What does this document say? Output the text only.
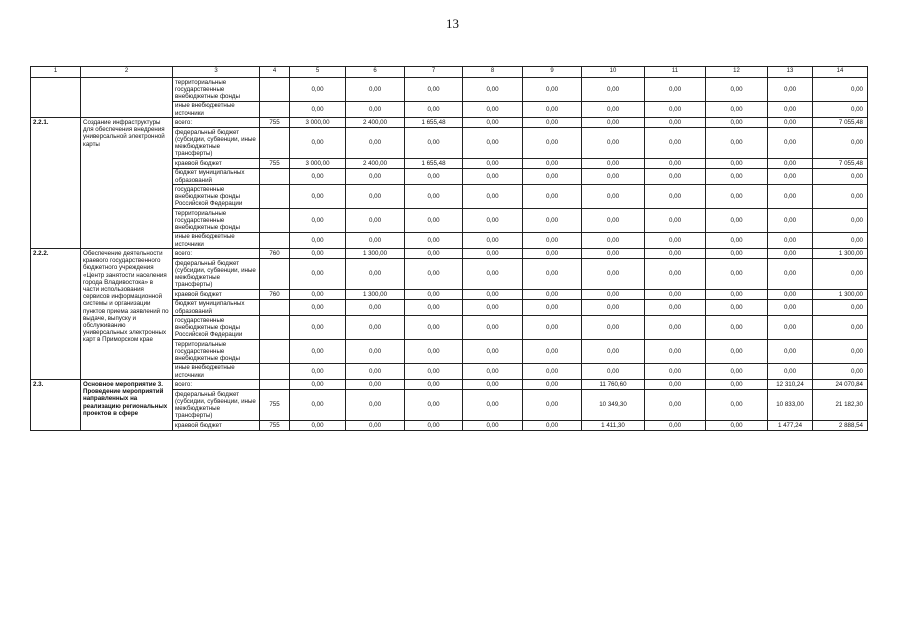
13
1	2	3	4	5	6	7	8	9	10	11	12	13	14
		территориальные государственные внебюджетные фонды		0,00	0,00	0,00	0,00	0,00	0,00	0,00	0,00	0,00	0,00
		иные внебюджетные источники		0,00	0,00	0,00	0,00	0,00	0,00	0,00	0,00	0,00	0,00
2.2.1.	Создание инфраструктуры для обеспечения внедрения универсальной электронной карты	всего:	755	3 000,00	2 400,00	1 655,48	0,00	0,00	0,00	0,00	0,00	0,00	7 055,48
		федеральный бюджет (субсидии, субвенции, иные межбюджетные трансферты)		0,00	0,00	0,00	0,00	0,00	0,00	0,00	0,00	0,00	0,00
		краевой бюджет	755	3 000,00	2 400,00	1 655,48	0,00	0,00	0,00	0,00	0,00	0,00	7 055,48
		бюджет муниципальных образований		0,00	0,00	0,00	0,00	0,00	0,00	0,00	0,00	0,00	0,00
		государственные внебюджетные фонды Российской Федерации		0,00	0,00	0,00	0,00	0,00	0,00	0,00	0,00	0,00	0,00
		территориальные государственные внебюджетные фонды		0,00	0,00	0,00	0,00	0,00	0,00	0,00	0,00	0,00	0,00
		иные внебюджетные источники		0,00	0,00	0,00	0,00	0,00	0,00	0,00	0,00	0,00	0,00
2.2.2.	Обеспечение деятельности краевого государственного бюджетного учреждения «Центр занятости населения города Владивостока» в части использования сервисов информационной системы и организации пунктов приема заявлений по выдаче, выпуску и обслуживанию универсальных электронных карт в Приморском крае	всего:	760	0,00	1 300,00	0,00	0,00	0,00	0,00	0,00	0,00	0,00	1 300,00
		федеральный бюджет (субсидии, субвенции, иные межбюджетные трансферты)		0,00	0,00	0,00	0,00	0,00	0,00	0,00	0,00	0,00	0,00
		краевой бюджет	760	0,00	1 300,00	0,00	0,00	0,00	0,00	0,00	0,00	0,00	1 300,00
		бюджет муниципальных образований		0,00	0,00	0,00	0,00	0,00	0,00	0,00	0,00	0,00	0,00
		государственные внебюджетные фонды Российской Федерации		0,00	0,00	0,00	0,00	0,00	0,00	0,00	0,00	0,00	0,00
		территориальные государственные внебюджетные фонды		0,00	0,00	0,00	0,00	0,00	0,00	0,00	0,00	0,00	0,00
		иные внебюджетные источники		0,00	0,00	0,00	0,00	0,00	0,00	0,00	0,00	0,00	0,00
2.3.	Основное мероприятие 3. Проведение мероприятий направленных на реализацию региональных проектов в сфере	всего:		0,00	0,00	0,00	0,00	0,00	11 760,60	0,00	0,00	12 310,24	24 070,84
		федеральный бюджет (субсидии, субвенции, иные межбюджетные трансферты)	755	0,00	0,00	0,00	0,00	0,00	10 349,30	0,00	0,00	10 833,00	21 182,30
		краевой бюджет	755	0,00	0,00	0,00	0,00	0,00	1 411,30	0,00	0,00	1 477,24	2 888,54
